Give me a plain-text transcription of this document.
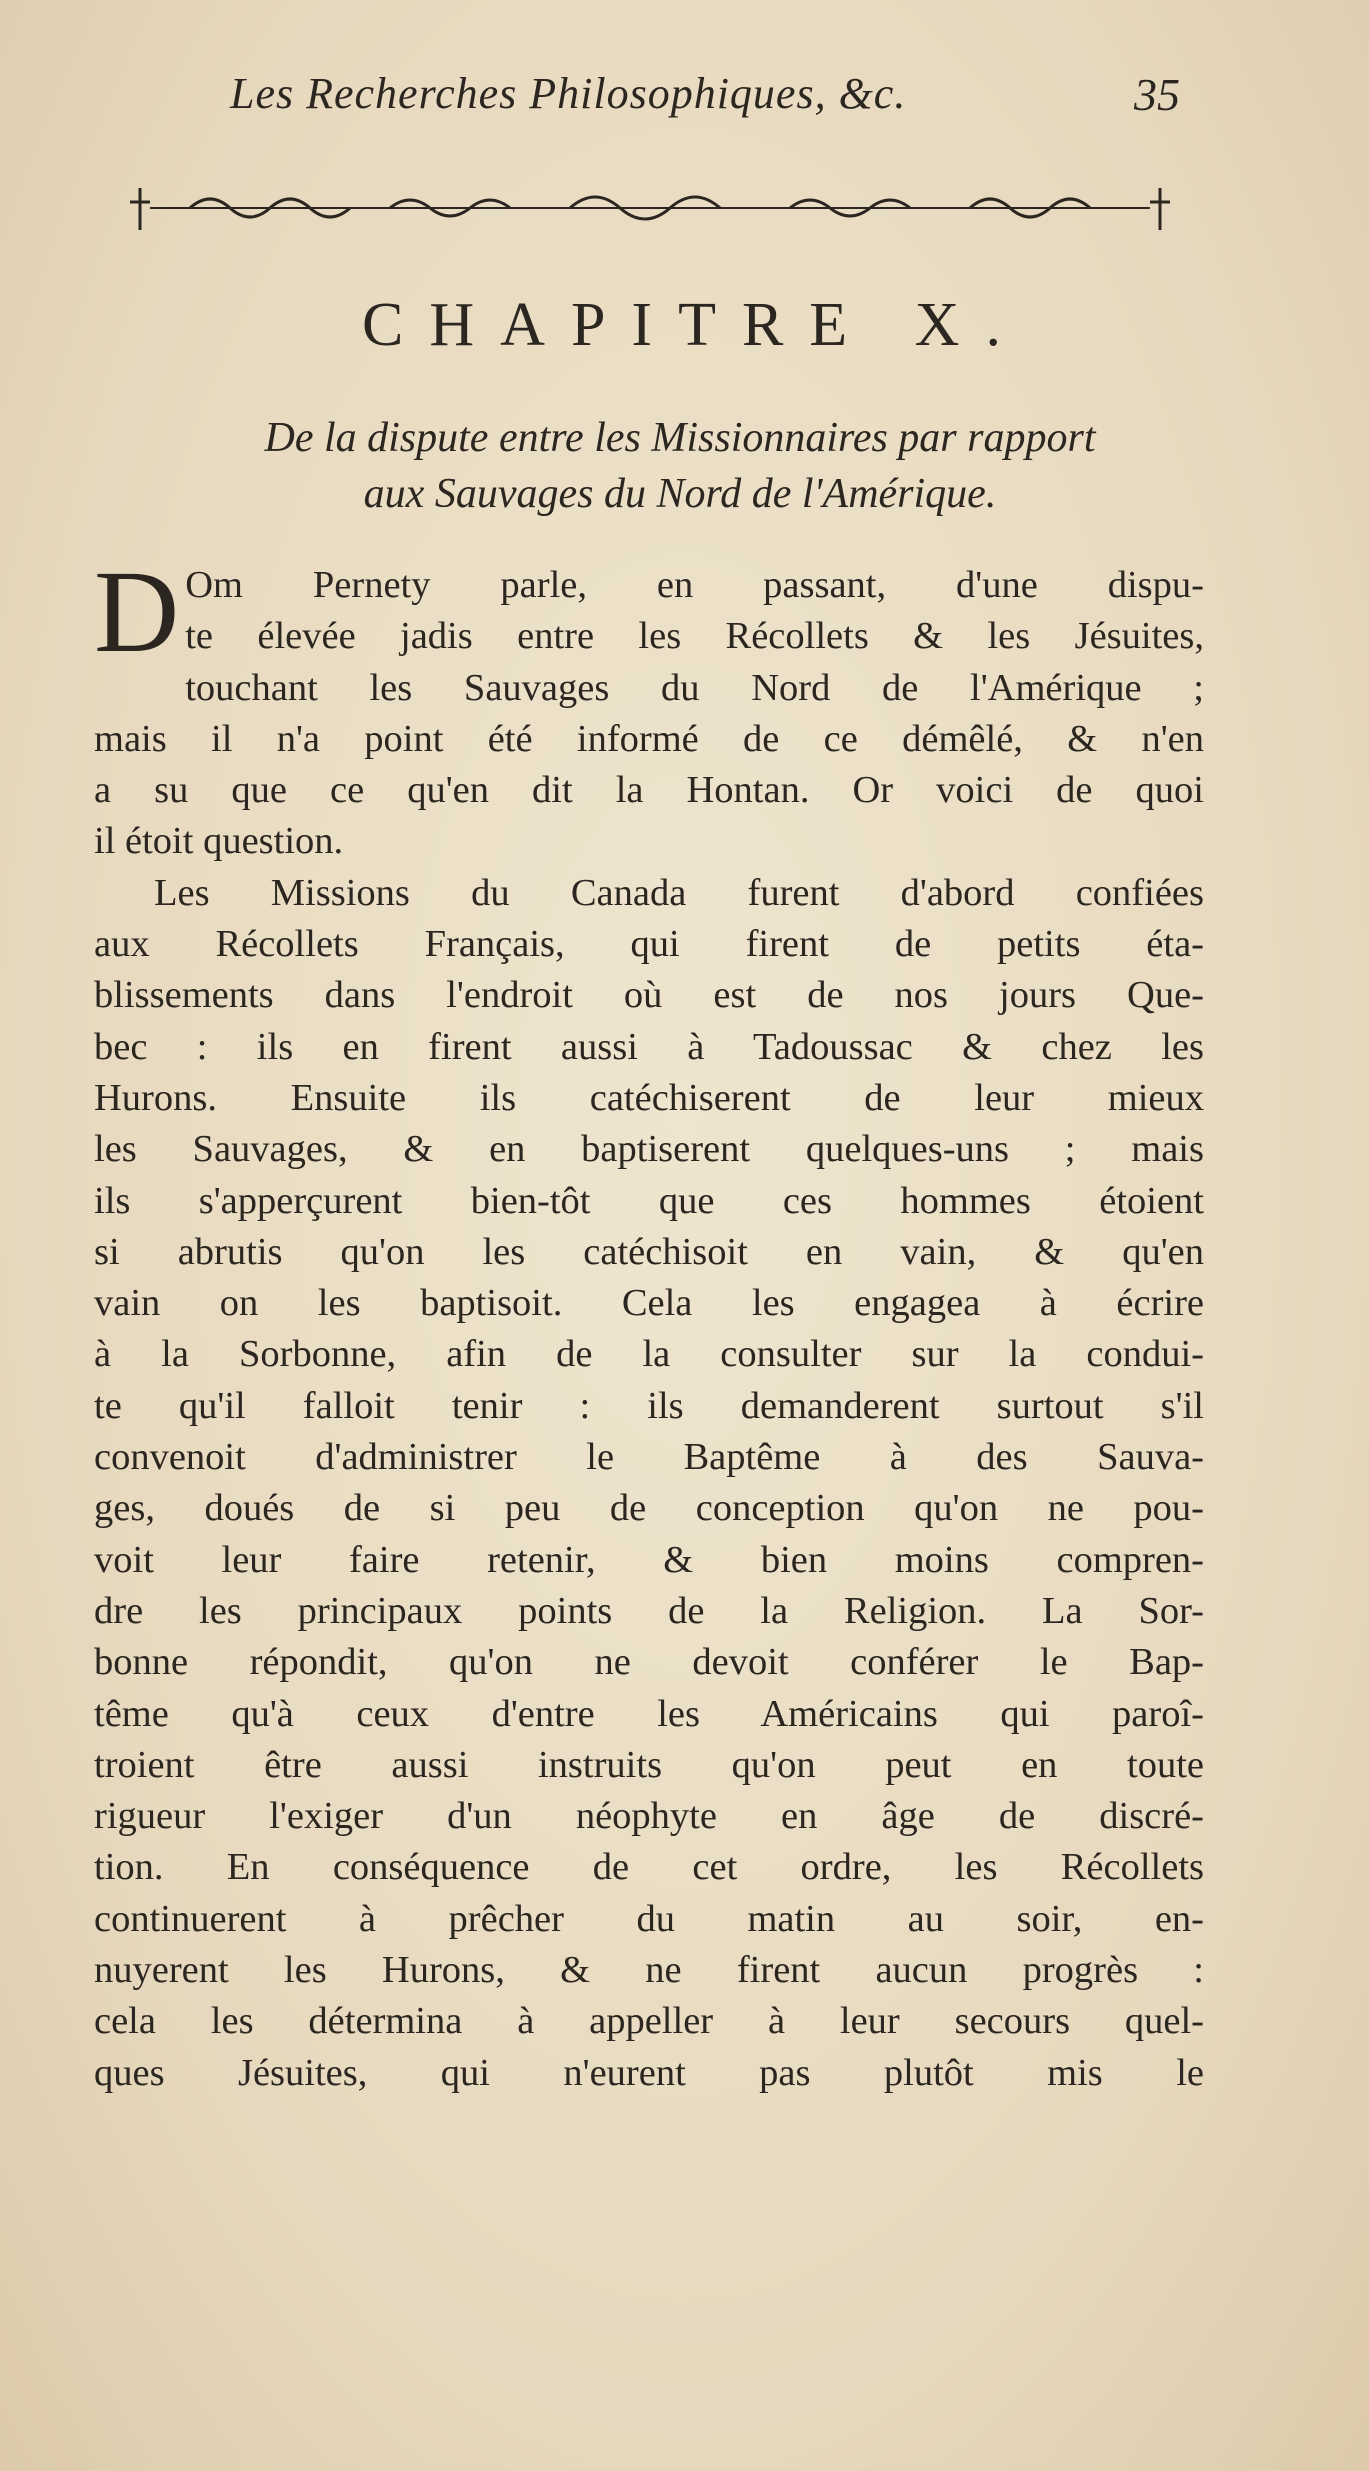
Les Recherches Philosophiques, &c.	35
CHAPITRE X.
De la dispute entre les Missionnaires par rapport
aux Sauvages du Nord de l'Amérique.
D Om Pernety parle, en passant, d'une dispu-
te élevée jadis entre les Récollets & les Jésuites,
touchant les Sauvages du Nord de l'Amérique ;
mais il n'a point été informé de ce démêlé, & n'en
a su que ce qu'en dit la Hontan. Or voici de quoi
il étoit question.
Les Missions du Canada furent d'abord confiées
aux Récollets Français, qui firent de petits éta-
blissements dans l'endroit où est de nos jours Que-
bec : ils en firent aussi à Tadoussac & chez les
Hurons. Ensuite ils catéchiserent de leur mieux
les Sauvages, & en baptiserent quelques-uns ; mais
ils s'apperçurent bien-tôt que ces hommes étoient
si abrutis qu'on les catéchisoit en vain, & qu'en
vain on les baptisoit. Cela les engagea à écrire
à la Sorbonne, afin de la consulter sur la condui-
te qu'il falloit tenir : ils demanderent surtout s'il
convenoit d'administrer le Baptême à des Sauva-
ges, doués de si peu de conception qu'on ne pou-
voit leur faire retenir, & bien moins compren-
dre les principaux points de la Religion. La Sor-
bonne répondit, qu'on ne devoit conférer le Bap-
tême qu'à ceux d'entre les Américains qui paroî-
troient être aussi instruits qu'on peut en toute
rigueur l'exiger d'un néophyte en âge de discré-
tion. En conséquence de cet ordre, les Récollets
continuerent à prêcher du matin au soir, en-
nuyerent les Hurons, & ne firent aucun progrès :
cela les détermina à appeller à leur secours quel-
ques Jésuites, qui n'eurent pas plutôt mis le
